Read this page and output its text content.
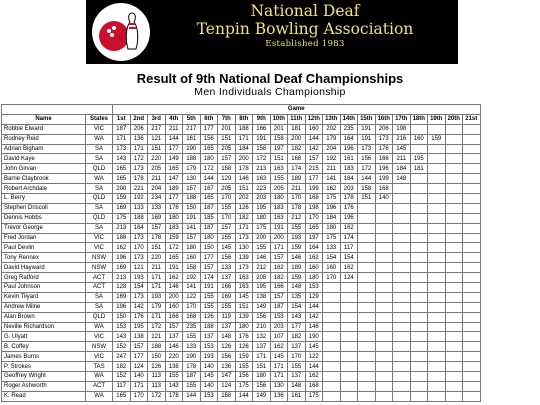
National Deaf
Tenpin Bowling Association
Established 1983
Result of 9th National Deaf Championships
Men Individuals Championship
		Game																				
Name	States	1st	2nd	3rd	4th	5th	6th	7th	8th	9th	10th	11th	12th	13th	14th	15th	16th	17th	18th	19th	20th	21st
Robbie Elward	VIC	187	206	217	211	217	177	201	188	166	201	181	160	202	235	191	206	198				
Rodney Reid	WA	171	136	121	144	161	156	151	171	191	158	200	144	179	164	191	173	216	160	159		
Adrian Bigham	SA	173	171	151	177	190	165	205	184	158	197	182	142	204	196	173	176	145				
David Kaye	SA	143	172	220	149	188	180	157	200	172	151	168	157	192	161	156	166	211	195			
John Girvan	QLD	165	173	205	165	179	172	158	178	213	163	174	215	211	183	172	196	184	181			
Barrie Claybrook	WA	165	178	211	147	130	144	129	146	163	155	189	177	141	184	144	199	148				
Robert Archdale	SA	200	221	204	189	157	167	205	151	223	205	211	199	162	203	158	168					
L. Berry	QLD	159	192	234	177	188	165	170	202	203	180	170	168	175	178	151	140					
Stephen Driscoll	SA	169	133	133	176	150	187	155	126	195	183	178	198	196	176							
Dennis Hobbs	QLD	175	188	169	180	191	185	170	182	180	163	212	170	184	196							
Trevor George	SA	213	164	157	183	141	187	157	171	175	191	155	165	180	162							
Fred Jordan	VIC	188	173	178	159	157	180	155	173	200	200	193	197	175	174							
Paul Devlin	VIC	162	170	151	172	180	150	145	130	155	171	159	164	133	117							
Tony Rennex	NSW	196	173	220	165	160	177	156	139	146	157	146	162	154	154							
David Hayward	NSW	169	121	211	191	158	157	133	173	212	162	189	160	160	162							
Greg Ratford	ACT	213	193	171	162	192	174	137	163	208	182	159	180	170	124							
Paul Johnson	ACT	128	154	171	146	141	191	166	163	195	166	148	153									
Kevin Tilyard	SA	169	173	193	200	122	155	169	145	138	157	135	129									
Andrew Milne	SA	196	142	179	160	170	155	155	151	149	187	154	144									
Alan Brown	QLD	150	176	171	166	168	126	119	139	156	153	143	142									
Neville Richardson	WA	153	195	172	157	235	188	137	180	210	203	177	146									
G. Ulyatt	VIC	143	138	121	137	155	137	148	176	132	107	182	190									
B. Coffey	NSW	152	157	188	146	133	153	126	126	137	162	137	145									
James Burns	VIC	247	177	150	220	190	193	156	159	171	145	170	122									
P. Strokes	TAS	182	124	126	138	178	140	136	155	151	171	155	144									
Geoffrey Wright	WA	152	140	113	155	187	145	147	156	180	171	137	162									
Roger Ashworth	ACT	117	171	113	143	155	140	124	175	156	130	148	168									
K. Read	WA	165	170	172	178	144	153	158	144	149	136	161	175									
